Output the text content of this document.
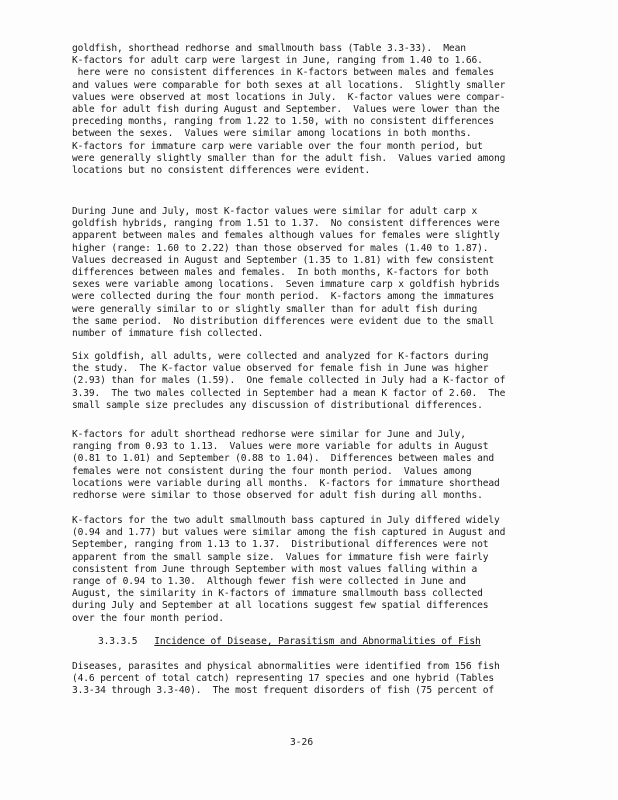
goldfish, shorthead redhorse and smallmouth bass (Table 3.3-33).  Mean
K-factors for adult carp were largest in June, ranging from 1.40 to 1.66.
here were no consistent differences in K-factors between males and females
and values were comparable for both sexes at all locations.  Slightly smaller
values were observed at most locations in July.  K-factor values were compar-
able for adult fish during August and September.  Values were lower than the
preceding months, ranging from 1.22 to 1.50, with no consistent differences
between the sexes.  Values were similar among locations in both months.
K-factors for immature carp were variable over the four month period, but
were generally slightly smaller than for the adult fish.  Values varied among
locations but no consistent differences were evident.
During June and July, most K-factor values were similar for adult carp x
goldfish hybrids, ranging from 1.51 to 1.37.  No consistent differences were
apparent between males and females although values for females were slightly
higher (range: 1.60 to 2.22) than those observed for males (1.40 to 1.87).
Values decreased in August and September (1.35 to 1.81) with few consistent
differences between males and females.  In both months, K-factors for both
sexes were variable among locations.  Seven immature carp x goldfish hybrids
were collected during the four month period.  K-factors among the immatures
were generally similar to or slightly smaller than for adult fish during
the same period.  No distribution differences were evident due to the small
number of immature fish collected.
Six goldfish, all adults, were collected and analyzed for K-factors during
the study.  The K-factor value observed for female fish in June was higher
(2.93) than for males (1.59).  One female collected in July had a K-factor of
3.39.  The two males collected in September had a mean K factor of 2.60.  The
small sample size precludes any discussion of distributional differences.
K-factors for adult shorthead redhorse were similar for June and July,
ranging from 0.93 to 1.13.  Values were more variable for adults in August
(0.81 to 1.01) and September (0.88 to 1.04).  Differences between males and
females were not consistent during the four month period.  Values among
locations were variable during all months.  K-factors for immature shorthead
redhorse were similar to those observed for adult fish during all months.
K-factors for the two adult smallmouth bass captured in July differed widely
(0.94 and 1.77) but values were similar among the fish captured in August and
September, ranging from 1.13 to 1.37.  Distributional differences were not
apparent from the small sample size.  Values for immature fish were fairly
consistent from June through September with most values falling within a
range of 0.94 to 1.30.  Although fewer fish were collected in June and
August, the similarity in K-factors of immature smallmouth bass collected
during July and September at all locations suggest few spatial differences
over the four month period.
Diseases, parasites and physical abnormalities were identified from 156 fish
(4.6 percent of total catch) representing 17 species and one hybrid (Tables
3.3-34 through 3.3-40).  The most frequent disorders of fish (75 percent of
3.3.3.5 Incidence of Disease, Parasitism and Abnormalities of Fish
3-26
